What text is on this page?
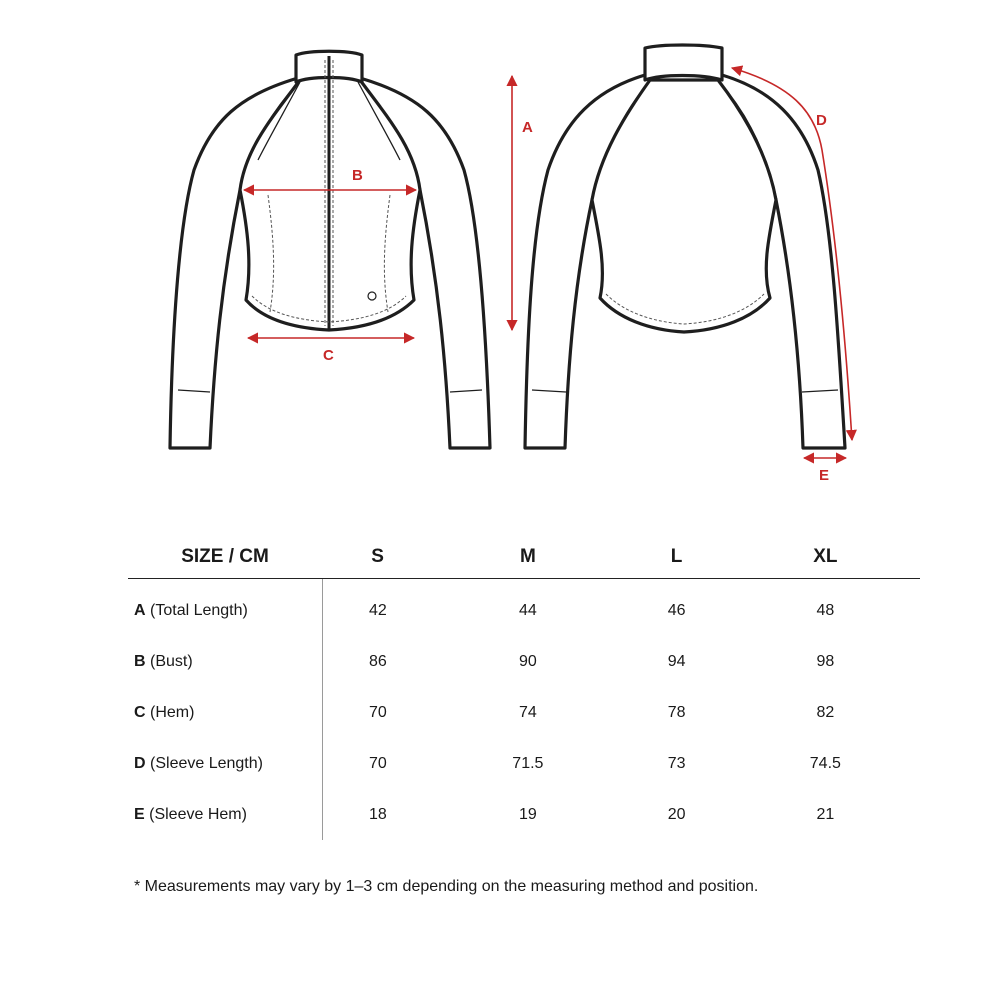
A
B
C
D
E
SIZE / CM	S	M	L	XL
A (Total Length)	42	44	46	48
B (Bust)	86	90	94	98
C (Hem)	70	74	78	82
D (Sleeve Length)	70	71.5	73	74.5
E (Sleeve Hem)	18	19	20	21
* Measurements may vary by 1–3 cm depending on the measuring method and position.
